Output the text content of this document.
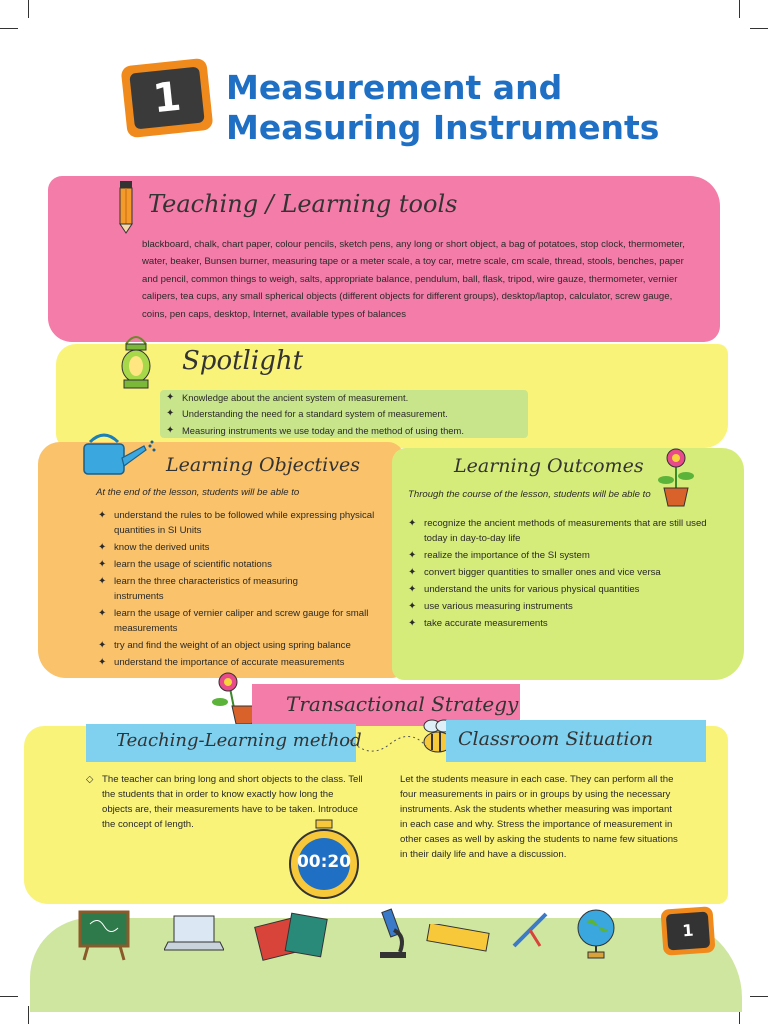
1	Measurement and
Measuring Instruments
Teaching / Learning tools
blackboard, chalk, chart paper, colour pencils, sketch pens, any long or short object, a bag of potatoes, stop clock, thermometer, water, beaker, Bunsen burner, measuring tape or a meter scale, a toy car, metre scale, cm scale, thread, stools, benches, paper and pencil, common things to weigh, salts, appropriate balance, pendulum, ball, flask, tripod, wire gauze, thermometer, vernier calipers, tea cups, any small spherical objects (different objects for different groups), desktop/laptop, calculator, screw gauge, coins, pen caps, desktop, Internet, available types of balances
Spotlight
✦ Knowledge about the ancient system of measurement.
✦ Understanding the need for a standard system of measurement.
✦ Measuring instruments we use today and the method of using them.
Learning Objectives
At the end of the lesson, students will be able to
✦ understand the rules to be followed while expressing physical quantities in SI Units
✦ know the derived units
✦ learn the usage of scientific notations
✦ learn the three characteristics of measuring instruments
✦ learn the usage of vernier caliper and screw gauge for small measurements
✦ try and find the weight of an object using spring balance
✦ understand the importance of accurate measurements
Learning Outcomes
Through the course of the lesson, students will be able to
✦ recognize the ancient methods of measurements that are still used today in day-to-day life
✦ realize the importance of the SI system
✦ convert bigger quantities to smaller ones and vice versa
✦ understand the units for various physical quantities
✦ use various measuring instruments
✦ take accurate measurements
Transactional Strategy
Teaching-Learning method	Classroom Situation
◇ The teacher can bring long and short objects to the class. Tell the students that in order to know exactly how long the objects are, their measurements have to be taken. Introduce the concept of length.
Let the students measure in each case. They can perform all the four measurements in pairs or in groups by using the necessary instruments. Ask the students whether measuring was important in each case and why. Stress the importance of measurement in other cases as well by asking the students to name few situations in their daily life and have a discussion.
00:20
1
